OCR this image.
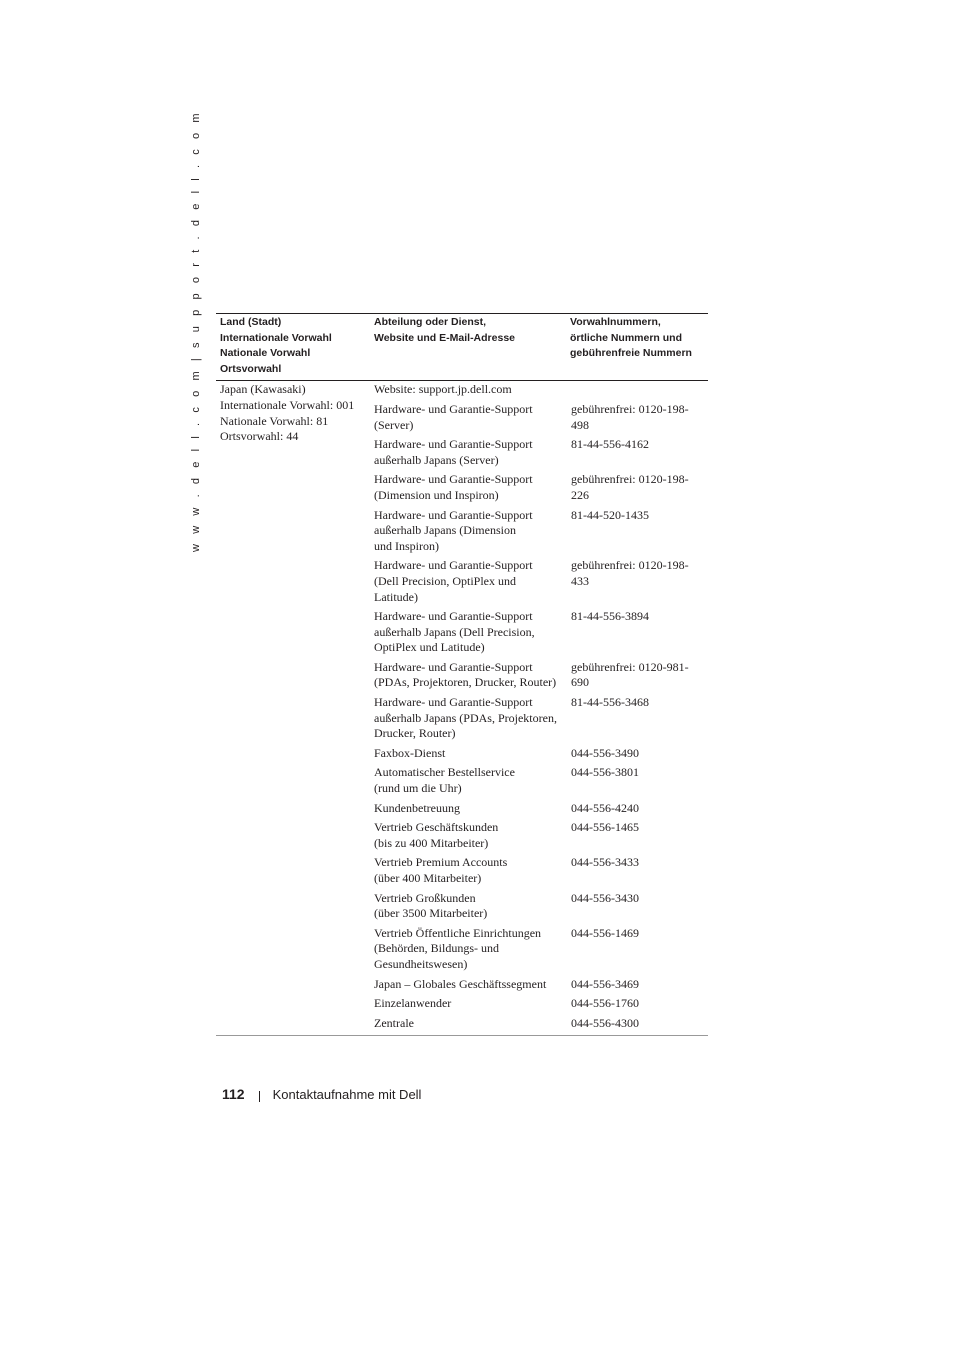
w w w . d e l l . c o m | s u p p o r t . d e l l . c o m Land (Stadt)
Internationale Vorwahl
Nationale Vorwahl Ortsvorwahl	Abteilung oder Dienst,
Website und E-Mail-Adresse	Vorwahlnummern,
örtliche Nummern und
gebührenfreie Nummern

Japan (Kawasaki)
Internationale Vorwahl: 001
Nationale Vorwahl: 81
Ortsvorwahl: 44	Website: support.jp.dell.com	
	Hardware- und Garantie-Support
(Server)	gebührenfrei: 0120-198-498
	Hardware- und Garantie-Support
außerhalb Japans (Server)	81-44-556-4162
	Hardware- und Garantie-Support
(Dimension und Inspiron)	gebührenfrei: 0120-198-226
	Hardware- und Garantie-Support
außerhalb Japans (Dimension
und Inspiron)	81-44-520-1435
	Hardware- und Garantie-Support
(Dell Precision, OptiPlex und
Latitude)	gebührenfrei: 0120-198-433
	Hardware- und Garantie-Support
außerhalb Japans (Dell Precision,
OptiPlex und Latitude)	81-44-556-3894
	Hardware- und Garantie-Support
(PDAs, Projektoren, Drucker, Router)	gebührenfrei: 0120-981-690
	Hardware- und Garantie-Support
außerhalb Japans (PDAs, Projektoren,
Drucker, Router)	81-44-556-3468
	Faxbox-Dienst	044-556-3490
	Automatischer Bestellservice
(rund um die Uhr)	044-556-3801
	Kundenbetreuung	044-556-4240
	Vertrieb Geschäftskunden
(bis zu 400 Mitarbeiter)	044-556-1465
	Vertrieb Premium Accounts
(über 400 Mitarbeiter)	044-556-3433
	Vertrieb Großkunden
(über 3500 Mitarbeiter)	044-556-3430
	Vertrieb Öffentliche Einrichtungen
(Behörden, Bildungs- und
Gesundheitswesen)	044-556-1469
	Japan – Globales Geschäftssegment	044-556-3469
	Einzelanwender	044-556-1760
	Zentrale	044-556-4300
112 Kontaktaufnahme mit Dell
